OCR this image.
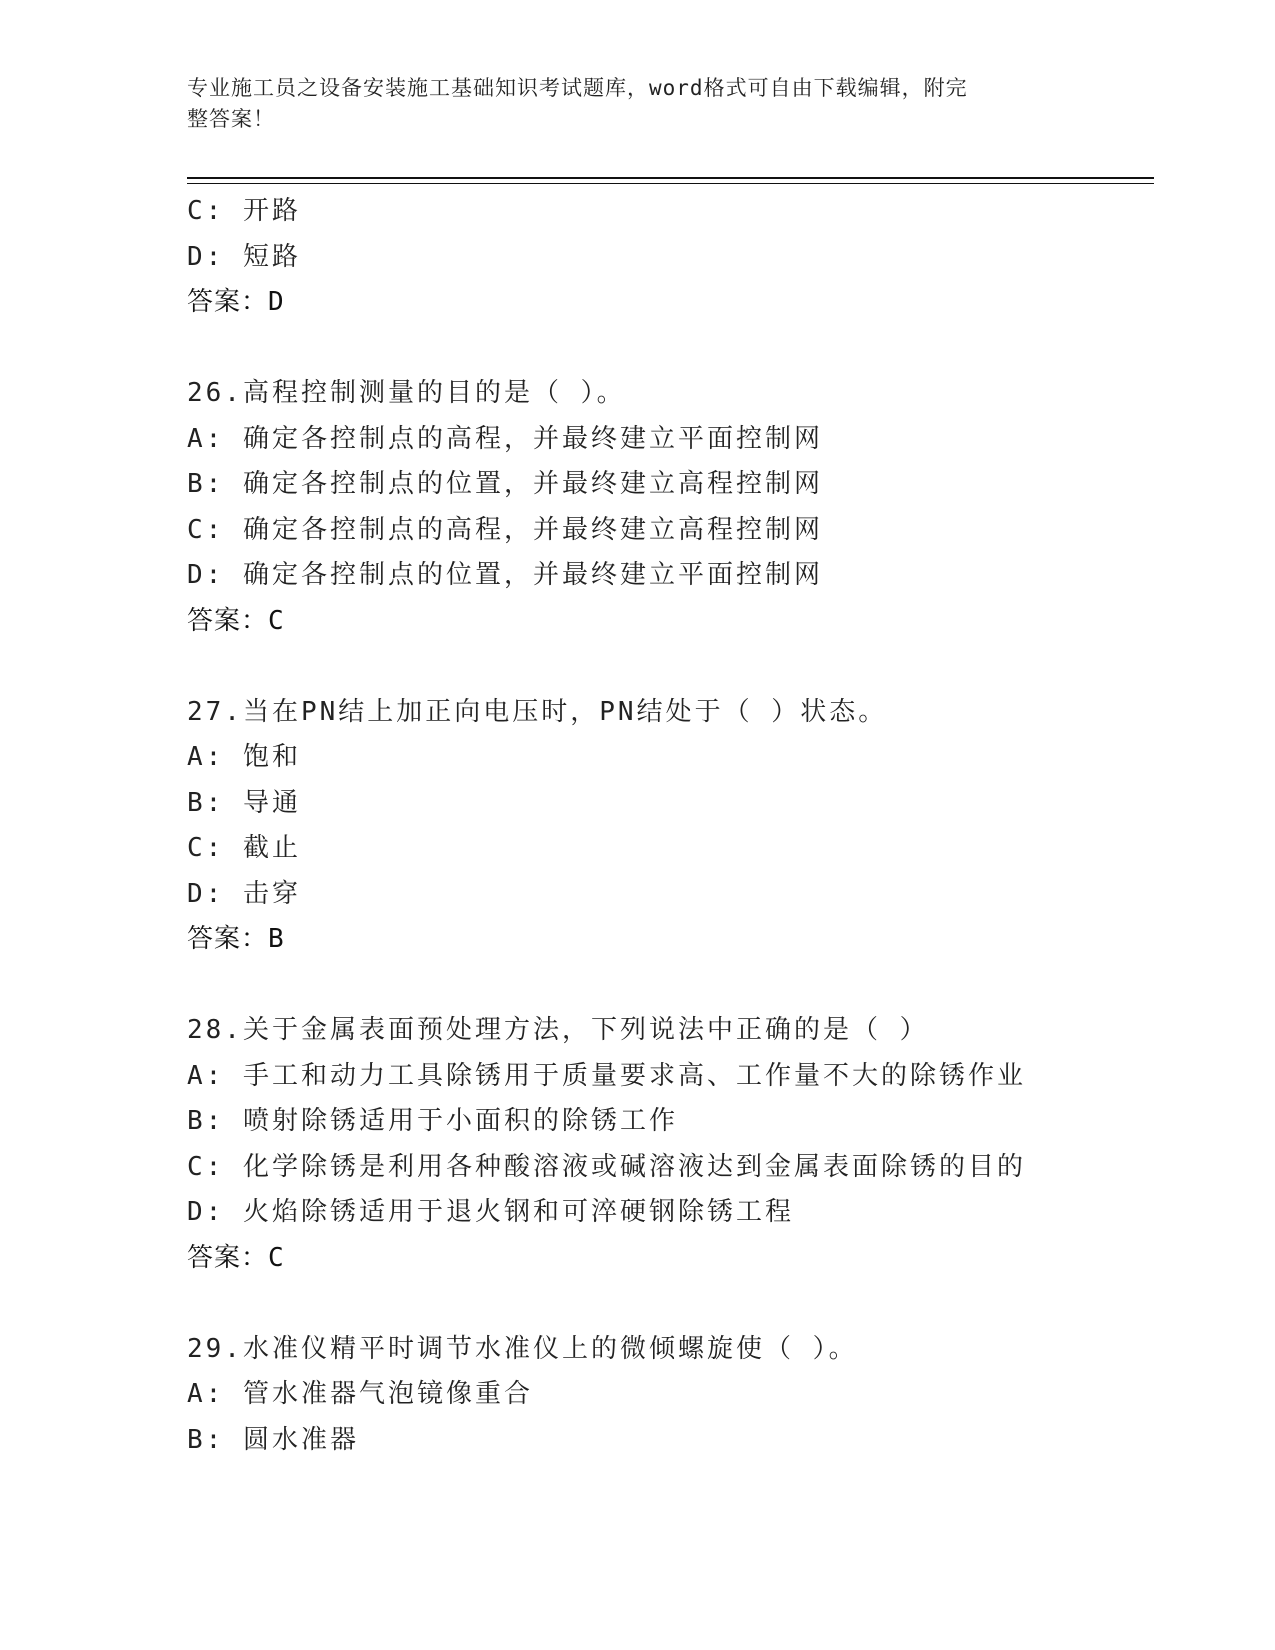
专业施工员之设备安装施工基础知识考试题库，word格式可自由下载编辑，附完
整答案！
C: 开路
D: 短路
答案：D
26.高程控制测量的目的是（ ）。
A: 确定各控制点的高程，并最终建立平面控制网
B: 确定各控制点的位置，并最终建立高程控制网
C: 确定各控制点的高程，并最终建立高程控制网
D: 确定各控制点的位置，并最终建立平面控制网
答案：C
27.当在PN结上加正向电压时，PN结处于（ ）状态。
A: 饱和
B: 导通
C: 截止
D: 击穿
答案：B
28.关于金属表面预处理方法，下列说法中正确的是（ ）
A: 手工和动力工具除锈用于质量要求高、工作量不大的除锈作业
B: 喷射除锈适用于小面积的除锈工作
C: 化学除锈是利用各种酸溶液或碱溶液达到金属表面除锈的目的
D: 火焰除锈适用于退火钢和可淬硬钢除锈工程
答案：C
29.水准仪精平时调节水准仪上的微倾螺旋使（ ）。
A: 管水准器气泡镜像重合
B: 圆水准器
